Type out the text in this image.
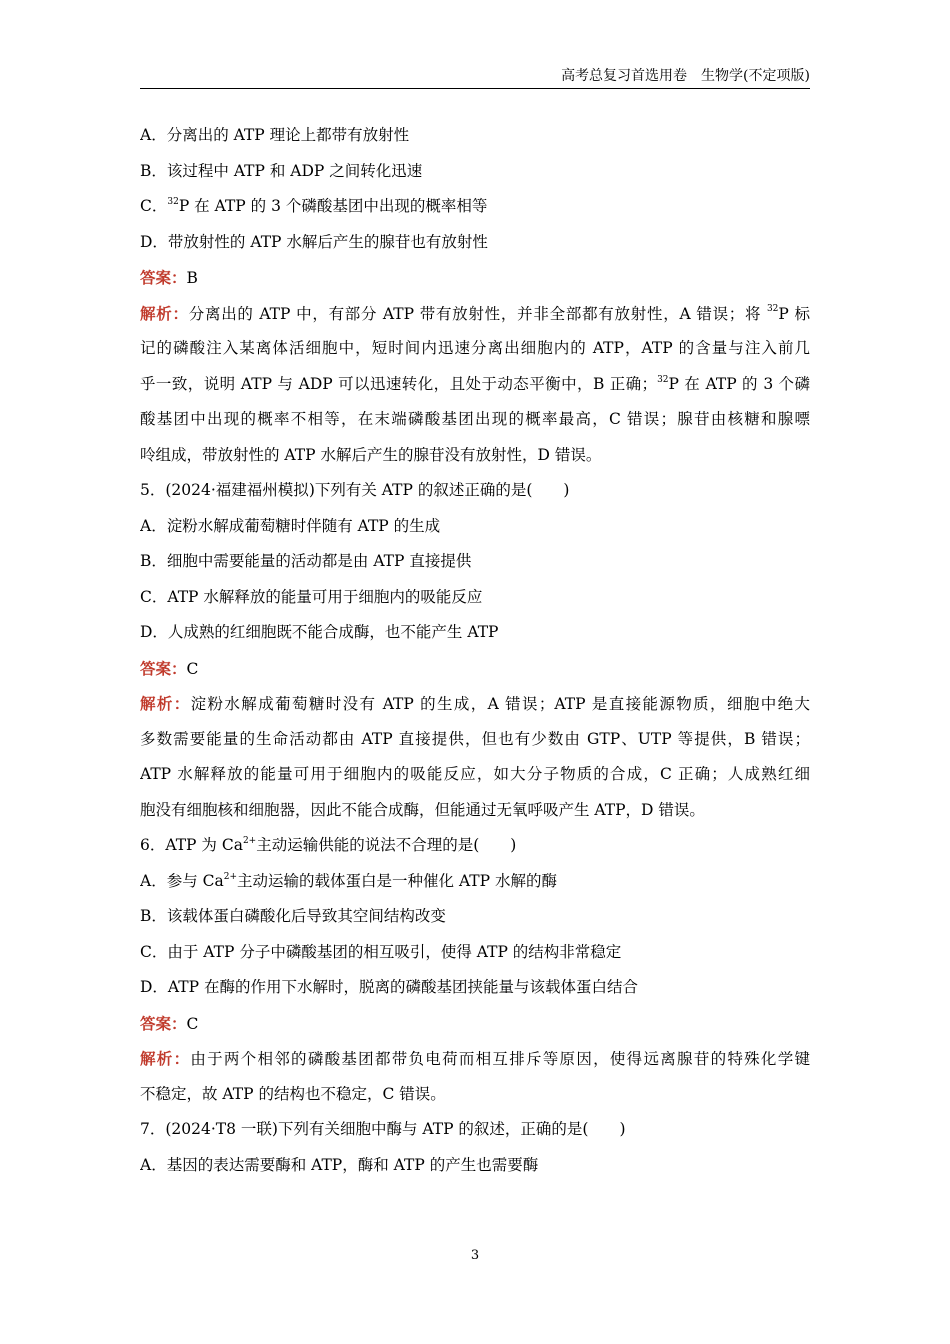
高考总复习首选用卷　生物学(不定项版)
A．分离出的 ATP 理论上都带有放射性
B．该过程中 ATP 和 ADP 之间转化迅速
C．$^{32}$P 在 ATP 的 3 个磷酸基团中出现的概率相等
D．带放射性的 ATP 水解后产生的腺苷也有放射性
答案：B
解析：分离出的 ATP 中，有部分 ATP 带有放射性，并非全部都有放射性，A 错误；将 $^{32}$P 标
记的磷酸注入某离体活细胞中，短时间内迅速分离出细胞内的 ATP，ATP 的含量与注入前几
乎一致，说明 ATP 与 ADP 可以迅速转化，且处于动态平衡中，B 正确；$^{32}$P 在 ATP 的 3 个磷
酸基团中出现的概率不相等，在末端磷酸基团出现的概率最高，C 错误；腺苷由核糖和腺嘌
呤组成，带放射性的 ATP 水解后产生的腺苷没有放射性，D 错误。
5．(2024·福建福州模拟)下列有关 ATP 的叙述正确的是(　　)
A．淀粉水解成葡萄糖时伴随有 ATP 的生成
B．细胞中需要能量的活动都是由 ATP 直接提供
C．ATP 水解释放的能量可用于细胞内的吸能反应
D．人成熟的红细胞既不能合成酶，也不能产生 ATP
答案：C
解析：淀粉水解成葡萄糖时没有 ATP 的生成，A 错误；ATP 是直接能源物质，细胞中绝大
多数需要能量的生命活动都由 ATP 直接提供，但也有少数由 GTP、UTP 等提供，B 错误；
ATP 水解释放的能量可用于细胞内的吸能反应，如大分子物质的合成，C 正确；人成熟红细
胞没有细胞核和细胞器，因此不能合成酶，但能通过无氧呼吸产生 ATP，D 错误。
6．ATP 为 $Ca^{2+}$主动运输供能的说法不合理的是(　　)
A．参与 $Ca^{2+}$主动运输的载体蛋白是一种催化 ATP 水解的酶
B．该载体蛋白磷酸化后导致其空间结构改变
C．由于 ATP 分子中磷酸基团的相互吸引，使得 ATP 的结构非常稳定
D．ATP 在酶的作用下水解时，脱离的磷酸基团挟能量与该载体蛋白结合
答案：C
解析：由于两个相邻的磷酸基团都带负电荷而相互排斥等原因，使得远离腺苷的特殊化学键
不稳定，故 ATP 的结构也不稳定，C 错误。
7．(2024·T8 一联)下列有关细胞中酶与 ATP 的叙述，正确的是(　　)
A．基因的表达需要酶和 ATP，酶和 ATP 的产生也需要酶
3
